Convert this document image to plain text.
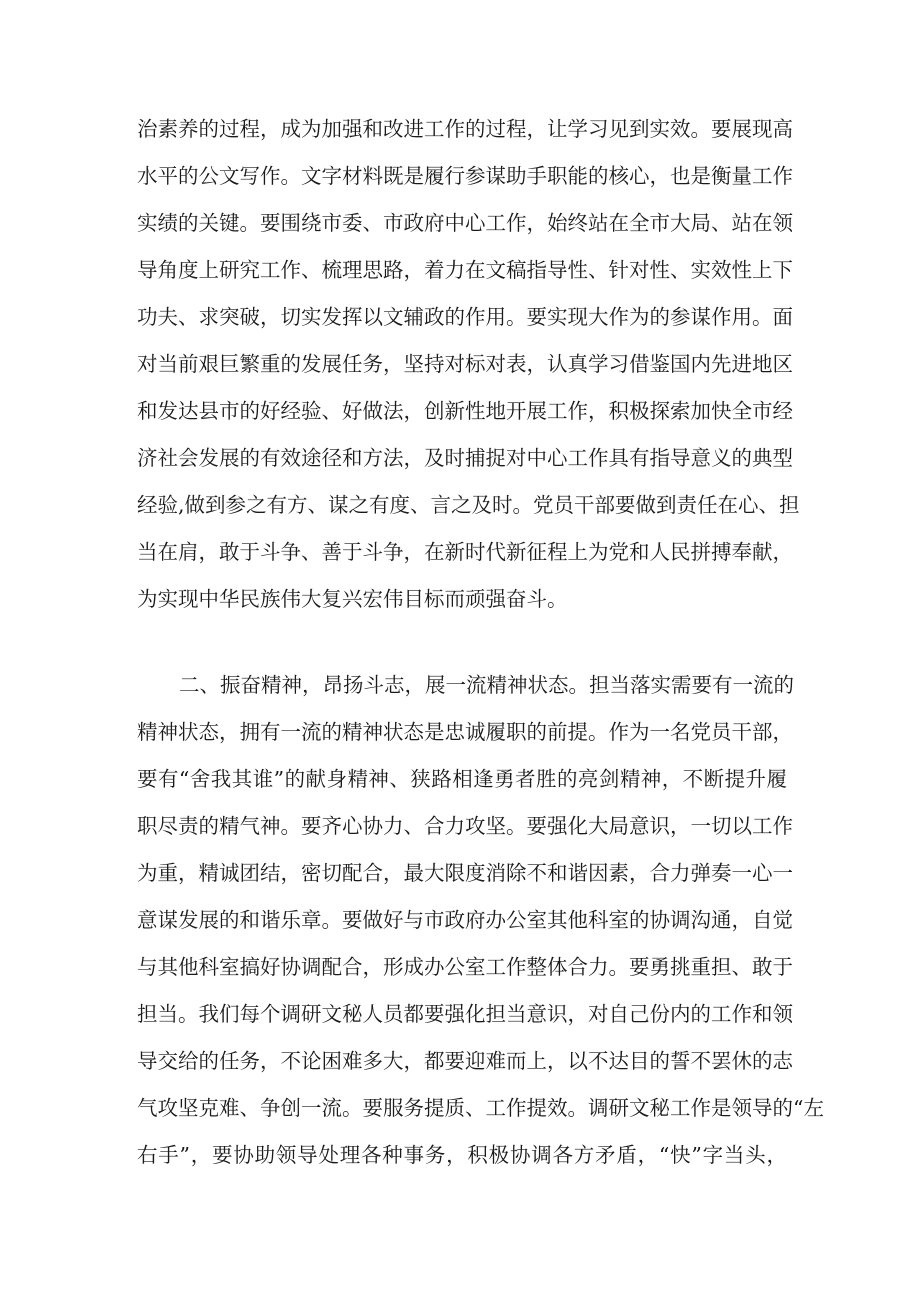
治素养的过程，成为加强和改进工作的过程，让学习见到实效。要展现高
水平的公文写作。文字材料既是履行参谋助手职能的核心，也是衡量工作
实绩的关键。要围绕市委、市政府中心工作，始终站在全市大局、站在领
导角度上研究工作、梳理思路，着力在文稿指导性、针对性、实效性上下
功夫、求突破，切实发挥以文辅政的作用。要实现大作为的参谋作用。面
对当前艰巨繁重的发展任务，坚持对标对表，认真学习借鉴国内先进地区
和发达县市的好经验、好做法，创新性地开展工作，积极探索加快全市经
济社会发展的有效途径和方法，及时捕捉对中心工作具有指导意义的典型
经验,做到参之有方、谋之有度、言之及时。党员干部要做到责任在心、担
当在肩，敢于斗争、善于斗争，在新时代新征程上为党和人民拼搏奉献，
为实现中华民族伟大复兴宏伟目标而顽强奋斗。
二、振奋精神，昂扬斗志，展一流精神状态。担当落实需要有一流的
精神状态，拥有一流的精神状态是忠诚履职的前提。作为一名党员干部，
要有“舍我其谁”的献身精神、狭路相逢勇者胜的亮剑精神，不断提升履
职尽责的精气神。要齐心协力、合力攻坚。要强化大局意识，一切以工作
为重，精诚团结，密切配合，最大限度消除不和谐因素，合力弹奏一心一
意谋发展的和谐乐章。要做好与市政府办公室其他科室的协调沟通，自觉
与其他科室搞好协调配合，形成办公室工作整体合力。要勇挑重担、敢于
担当。我们每个调研文秘人员都要强化担当意识，对自己份内的工作和领
导交给的任务，不论困难多大，都要迎难而上，以不达目的誓不罢休的志
气攻坚克难、争创一流。要服务提质、工作提效。调研文秘工作是领导的“左
右手”，要协助领导处理各种事务，积极协调各方矛盾，“快”字当头，
